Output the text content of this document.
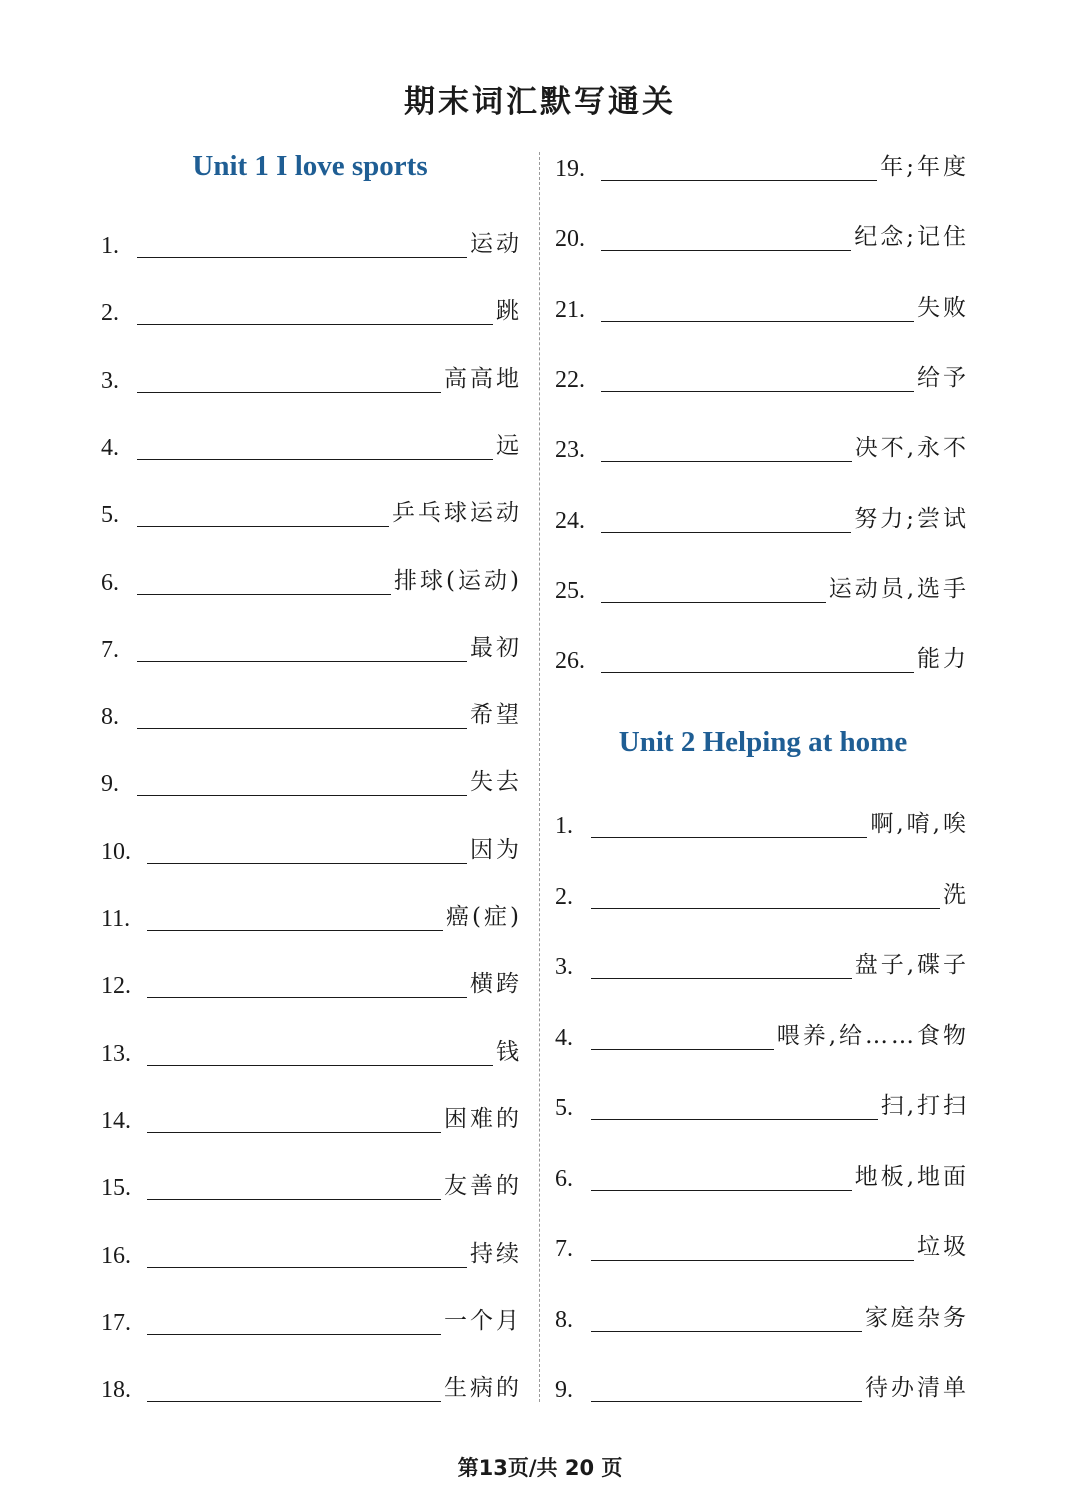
期末词汇默写通关
Unit 1 I love sports
1.	运动
2.	跳
3.	高高地
4.	远
5.	乒乓球运动
6.	排球(运动)
7.	最初
8.	希望
9.	失去
10.	因为
11.	癌(症)
12.	横跨
13.	钱
14.	困难的
15.	友善的
16.	持续
17.	一个月
18.	生病的
19.	年;年度
20.	纪念;记住
21.	失败
22.	给予
23.	决不,永不
24.	努力;尝试
25.	运动员,选手
26.	能力
Unit 2 Helping at home
1.	啊,唷,唉
2.	洗
3.	盘子,碟子
4.	喂养,给……食物
5.	扫,打扫
6.	地板,地面
7.	垃圾
8.	家庭杂务
9.	待办清单
第13页/共 20 页
